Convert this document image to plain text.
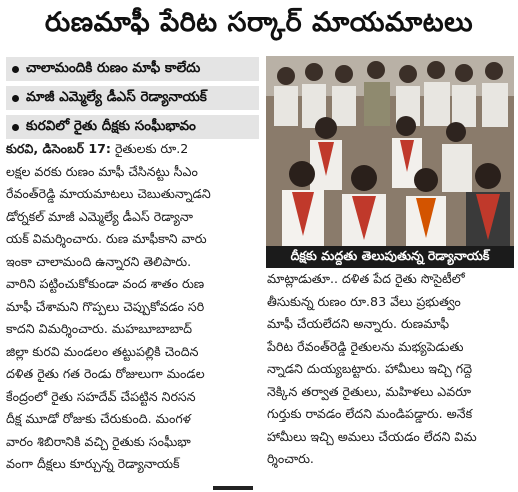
రుణమాఫీ పేరిట సర్కార్ మాయమాటలు
చాలామందికి రుణం మాఫీ కాలేదు
మాజీ ఎమ్మెల్యే డీఎస్ రెడ్యానాయక్
కురవిలో రైతు దీక్షకు సంఘీభావం
దీక్షకు మద్దతు తెలుపుతున్న రెడ్యానాయక్

కురవి, డిసెంబర్ 17: రైతులకు రూ.2

లక్షల వరకు రుణం మాఫీ చేసినట్టు సీఎం

రేవంత్‌రెడ్డి మాయమాటలు చెబుతున్నాడని

డోర్నకల్ మాజీ ఎమ్మెల్యే డీఎస్ రెడ్యానా

యక్ విమర్శించారు. రుణ మాఫీకాని వారు

ఇంకా చాలామంది ఉన్నారని తెలిపారు.

వారిని పట్టించుకోకుండా వంద శాతం రుణ

మాఫీ చేశామని గొప్పలు చెప్పుకోవడం సరి

కాదని విమర్శించారు. మహబూబాబాద్

జిల్లా కురవి మండలం తట్టుపల్లికి చెందిన

దళిత రైతు గత రెండు రోజులుగా మండల

కేంద్రంలో రైతు సహదేవ్ చేపట్టిన నిరసన

దీక్ష మూడో రోజుకు చేరుకుంది. మంగళ

వారం శిబిరానికి వచ్చి రైతుకు సంఘీభా

వంగా దీక్షలు కూర్చున్న రెడ్యానాయక్

మాట్లాడుతూ.. దళిత పేద రైతు సొసైటీలో

తీసుకున్న రుణం రూ.83 వేలు ప్రభుత్వం

మాఫీ చేయలేదని అన్నారు. రుణమాఫీ

పేరిట రేవంత్‌రెడ్డి రైతులను మభ్యపెడుతు

న్నాడని దుయ్యబట్టారు. హామీలు ఇచ్చి గద్దె

నెక్కిన తర్వాత రైతులు, మహిళలు ఎవరూ

గుర్తుకు రావడం లేదని మండిపడ్డారు. అనేక

హామీలు ఇచ్చి అమలు చేయడం లేదని విమ

ర్శించారు.
